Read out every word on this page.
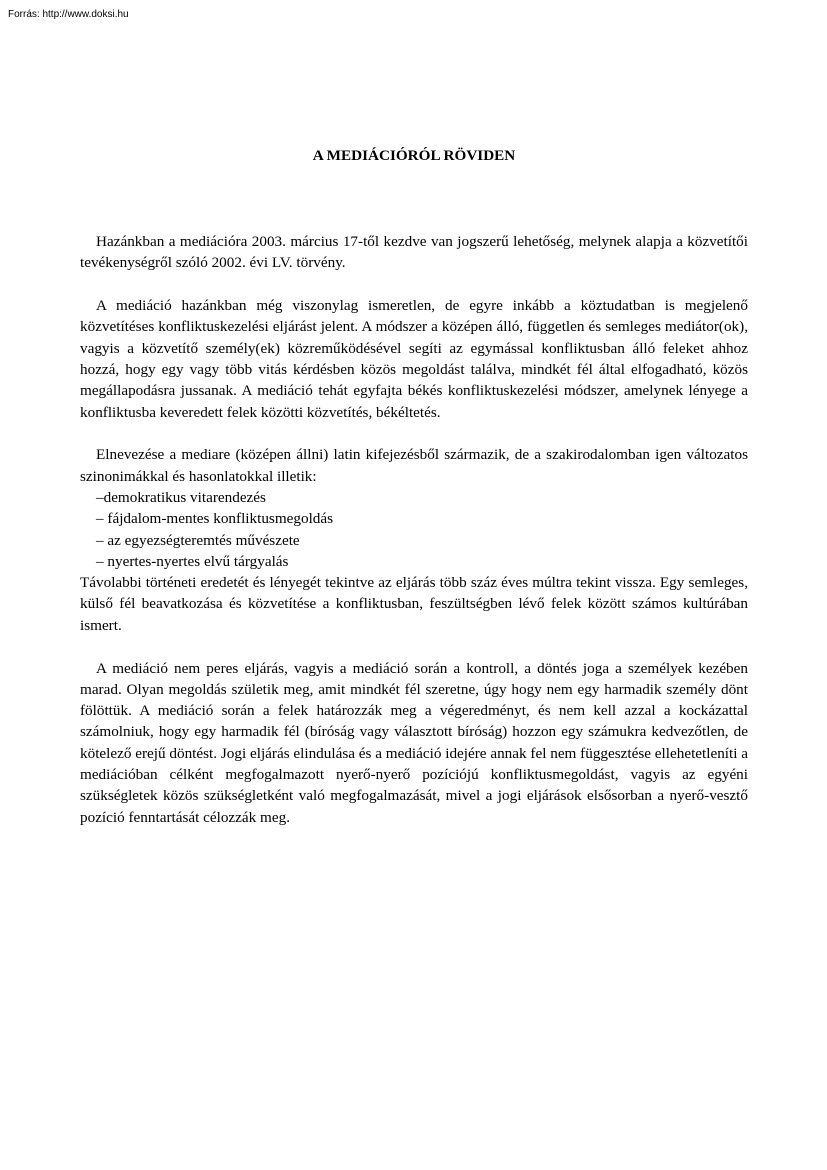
Forrás: http://www.doksi.hu
A MEDIÁCIÓRÓL RÖVIDEN

Hazánkban a mediációra 2003. március 17-től kezdve van jogszerű lehetőség, melynek alapja a közvetítői tevékenységről szóló 2002. évi LV. törvény.

A mediáció hazánkban még viszonylag ismeretlen, de egyre inkább a köztudatban is megjelenő közvetítéses konfliktuskezelési eljárást jelent. A módszer a középen álló, független és semleges mediátor(ok), vagyis a közvetítő személy(ek) közreműködésével segíti az egymással konfliktusban álló feleket ahhoz hozzá, hogy egy vagy több vitás kérdésben közös megoldást találva, mindkét fél által elfogadható, közös megállapodásra jussanak. A mediáció tehát egyfajta békés konfliktuskezelési módszer, amelynek lényege a konfliktusba keveredett felek közötti közvetítés, békéltetés.

Elnevezése a mediare (középen állni) latin kifejezésből származik, de a szakirodalomban igen változatos szinonimákkal és hasonlatokkal illetik:

–demokratikus vitarendezés
– fájdalom-mentes konfliktusmegoldás
– az egyezségteremtés művészete
– nyertes-nyertes elvű tárgyalás

Távolabbi történeti eredetét és lényegét tekintve az eljárás több száz éves múltra tekint vissza. Egy semleges, külső fél beavatkozása és közvetítése a konfliktusban, feszültségben lévő felek között számos kultúrában ismert.

A mediáció nem peres eljárás, vagyis a mediáció során a kontroll, a döntés joga a személyek kezében marad. Olyan megoldás születik meg, amit mindkét fél szeretne, úgy hogy nem egy harmadik személy dönt fölöttük. A mediáció során a felek határozzák meg a végeredményt, és nem kell azzal a kockázattal számolniuk, hogy egy harmadik fél (bíróság vagy választott bíróság) hozzon egy számukra kedvezőtlen, de kötelező erejű döntést. Jogi eljárás elindulása és a mediáció idejére annak fel nem függesztése ellehetetleníti a mediációban célként megfogalmazott nyerő-nyerő pozíciójú konfliktusmegoldást, vagyis az egyéni szükségletek közös szükségletként való megfogalmazását, mivel a jogi eljárások elsősorban a nyerő-vesztő pozíció fenntartását célozzák meg.
